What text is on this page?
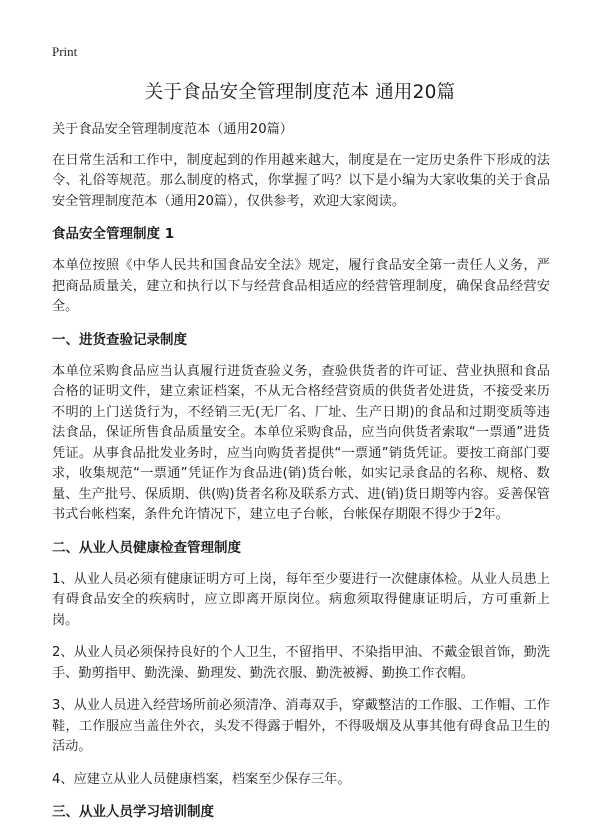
Print
关于食品安全管理制度范本 通用20篇

关于食品安全管理制度范本（通用20篇）

在日常生活和工作中，制度起到的作用越来越大，制度是在一定历史条件下形成的法令、礼俗等规范。那么制度的格式，你掌握了吗？以下是小编为大家收集的关于食品安全管理制度范本（通用20篇），仅供参考，欢迎大家阅读。

食品安全管理制度 1

本单位按照《中华人民共和国食品安全法》规定，履行食品安全第一责任人义务，严把商品质量关，建立和执行以下与经营食品相适应的经营管理制度，确保食品经营安全。

一、进货查验记录制度

本单位采购食品应当认真履行进货查验义务，查验供货者的许可证、营业执照和食品合格的证明文件，建立索证档案，不从无合格经营资质的供货者处进货，不接受来历不明的上门送货行为，不经销三无(无厂名、厂址、生产日期)的食品和过期变质等违法食品，保证所售食品质量安全。本单位采购食品，应当向供货者索取“一票通”进货凭证。从事食品批发业务时，应当向购货者提供“一票通”销货凭证。要按工商部门要求，收集规范“一票通”凭证作为食品进(销)货台帐，如实记录食品的名称、规格、数量、生产批号、保质期、供(购)货者名称及联系方式、进(销)货日期等内容。妥善保管书式台帐档案，条件允许情况下，建立电子台帐，台帐保存期限不得少于2年。

二、从业人员健康检查管理制度

1、从业人员必须有健康证明方可上岗，每年至少要进行一次健康体检。从业人员患上有碍食品安全的疾病时，应立即离开原岗位。病愈须取得健康证明后，方可重新上岗。

2、从业人员必须保持良好的个人卫生，不留指甲、不染指甲油、不戴金银首饰，勤洗手、勤剪指甲、勤洗澡、勤理发、勤洗衣服、勤洗被褥、勤换工作衣帽。

3、从业人员进入经营场所前必须清净、消毒双手，穿戴整洁的工作服、工作帽、工作鞋，工作服应当盖住外衣，头发不得露于帽外，不得吸烟及从事其他有碍食品卫生的活动。

4、应建立从业人员健康档案，档案至少保存三年。

三、从业人员学习培训制度
